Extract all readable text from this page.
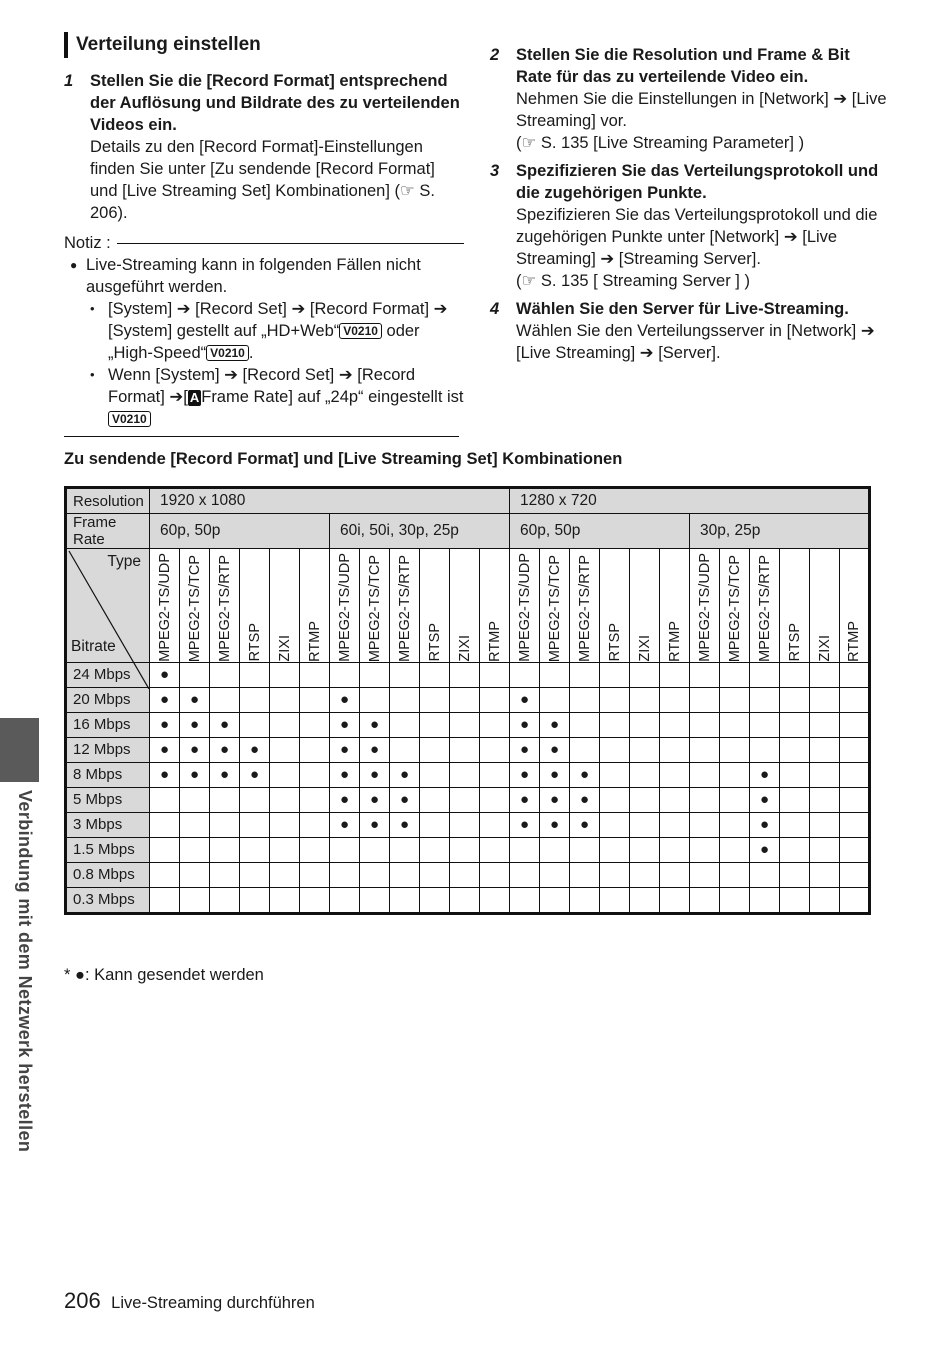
Verteilung einstellen
1 Stellen Sie die [Record Format] entsprechend der Auflösung und Bildrate des zu verteilenden Videos ein.
Details zu den [Record Format]-Einstellungen finden Sie unter [Zu sendende [Record Format] und [Live Streaming Set] Kombinationen] (☞ S. 206).
Notiz :
● Live-Streaming kann in folgenden Fällen nicht ausgeführt werden.
• [System] ➔ [Record Set] ➔ [Record Format] ➔ [System] gestellt auf „HD+Web“ V0210 oder „High-Speed“ V0210 .
• Wenn [System] ➔ [Record Set] ➔ [Record Format] ➔[ A Frame Rate] auf „24p“ eingestellt ist V0210
2 Stellen Sie die Resolution und Frame & Bit Rate für das zu verteilende Video ein.
Nehmen Sie die Einstellungen in [Network] ➔ [Live Streaming] vor.
(☞ S. 135 [Live Streaming Parameter] )
3 Spezifizieren Sie das Verteilungsprotokoll und die zugehörigen Punkte.
Spezifizieren Sie das Verteilungsprotokoll und die zugehörigen Punkte unter [Network] ➔ [Live Streaming] ➔ [Streaming Server].
(☞ S. 135 [ Streaming Server ] )
4 Wählen Sie den Server für Live-Streaming.
Wählen Sie den Verteilungsserver in [Network] ➔ [Live Streaming] ➔ [Server].
Zu sendende [Record Format] und [Live Streaming Set] Kombinationen
Resolution	1920 x 1080												1280 x 720											
Frame Rate	60p, 50p						60i, 50i, 30p, 25p						60p, 50p						30p, 25p					

Type
Bitrate	MPEG2-TS/UDP	MPEG2-TS/TCP	MPEG2-TS/RTP	RTSP	ZIXI	RTMP	MPEG2-TS/UDP	MPEG2-TS/TCP	MPEG2-TS/RTP	RTSP	ZIXI	RTMP	MPEG2-TS/UDP	MPEG2-TS/TCP	MPEG2-TS/RTP	RTSP	ZIXI	RTMP	MPEG2-TS/UDP	MPEG2-TS/TCP	MPEG2-TS/RTP	RTSP	ZIXI	RTMP

24 Mbps	●																							
20 Mbps	●	●					●						●											
16 Mbps	●	●	●				●	●					●	●										
12 Mbps	●	●	●	●			●	●					●	●										
8 Mbps	●	●	●	●			●	●	●				●	●	●						●			
5 Mbps							●	●	●				●	●	●						●			
3 Mbps							●	●	●				●	●	●						●			
1.5 Mbps																					●			
0.8 Mbps																								
0.3 Mbps																								
* ●: Kann gesendet werden
Verbindung mit dem Netzwerk herstellen
206 Live-Streaming durchführen
